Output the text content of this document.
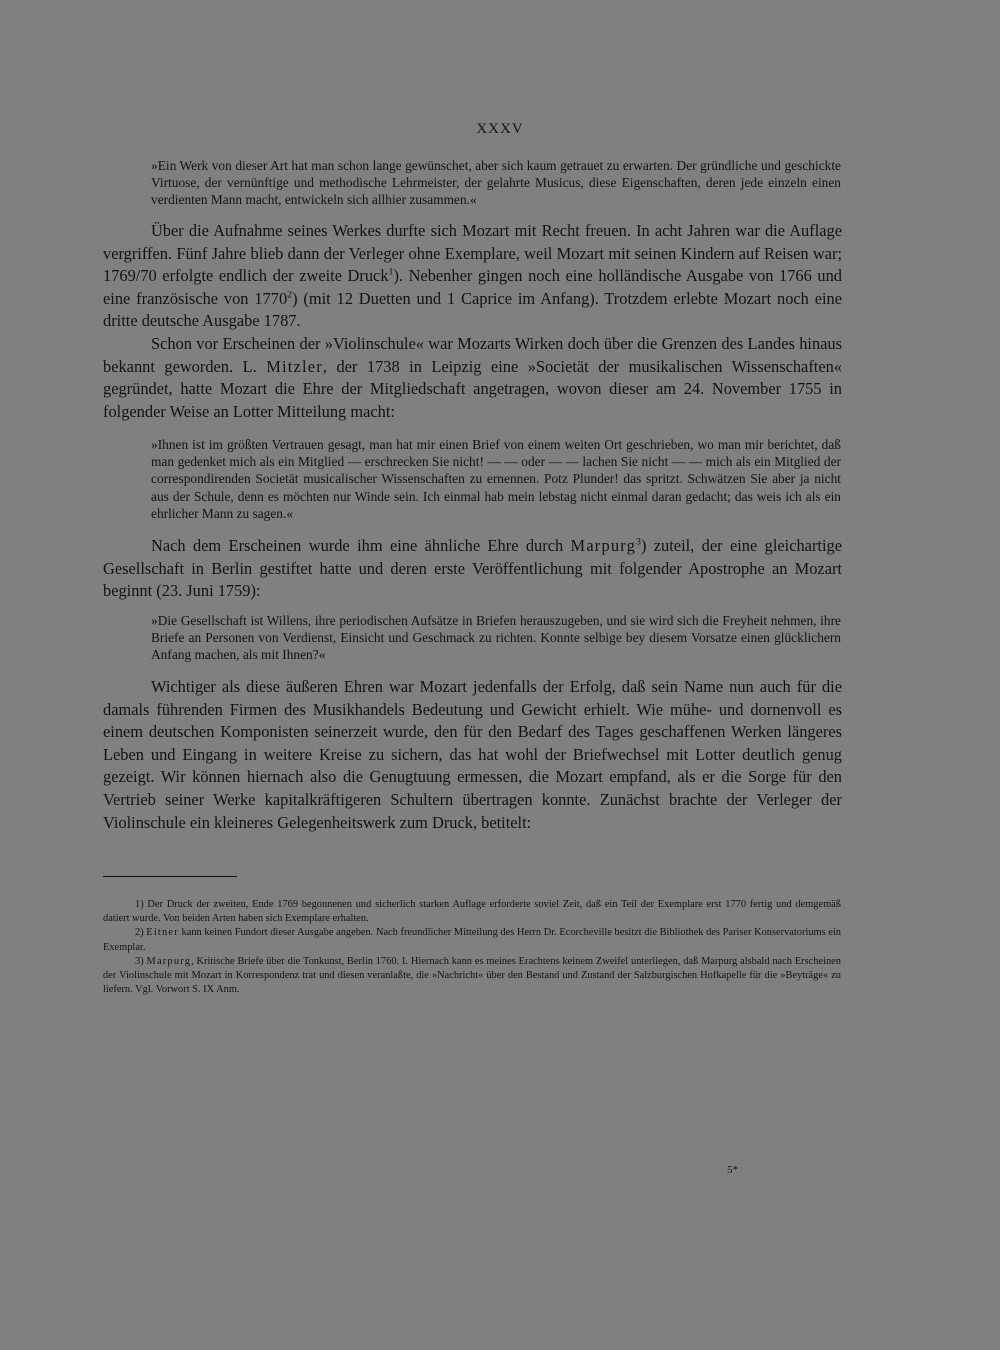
XXXV

»Ein Werk von dieser Art hat man schon lange gewünschet, aber sich kaum getrauet zu erwarten. Der gründliche und geschickte Virtuose, der vernünftige und methodische Lehrmeister, der gelahrte Musicus, diese Eigenschaften, deren jede einzeln einen verdienten Mann macht, entwickeln sich allhier zusammen.«

Über die Aufnahme seines Werkes durfte sich Mozart mit Recht freuen. In acht Jahren war die Auflage vergriffen. Fünf Jahre blieb dann der Verleger ohne Exemplare, weil Mozart mit seinen Kindern auf Reisen war; 1769/70 erfolgte endlich der zweite Druck$^1$). Nebenher gingen noch eine holländische Ausgabe von 1766 und eine französische von 1770$^2$) (mit 12 Duetten und 1 Caprice im Anfang). Trotzdem erlebte Mozart noch eine dritte deutsche Ausgabe 1787.

Schon vor Erscheinen der »Violinschule« war Mozarts Wirken doch über die Grenzen des Landes hinaus bekannt geworden. L. Mitzler, der 1738 in Leipzig eine »Societät der musikalischen Wissenschaften« gegründet, hatte Mozart die Ehre der Mitgliedschaft angetragen, wovon dieser am 24. November 1755 in folgender Weise an Lotter Mitteilung macht:

»Ihnen ist im größten Vertrauen gesagt, man hat mir einen Brief von einem weiten Ort geschrieben, wo man mir berichtet, daß man gedenket mich als ein Mitglied — erschrecken Sie nicht! — — oder — — lachen Sie nicht — — mich als ein Mitglied der correspondirenden Societät musicalischer Wissenschaften zu ernennen. Potz Plunder! das spritzt. Schwätzen Sie aber ja nicht aus der Schule, denn es möchten nur Winde sein. Ich einmal hab mein lebstag nicht einmal daran gedacht; das weis ich als ein ehrlicher Mann zu sagen.«

Nach dem Erscheinen wurde ihm eine ähnliche Ehre durch Marpurg$^3$) zuteil, der eine gleichartige Gesellschaft in Berlin gestiftet hatte und deren erste Veröffentlichung mit folgender Apostrophe an Mozart beginnt (23. Juni 1759):

»Die Gesellschaft ist Willens, ihre periodischen Aufsätze in Briefen herauszugeben, und sie wird sich die Freyheit nehmen, ihre Briefe an Personen von Verdienst, Einsicht und Geschmack zu richten. Konnte selbige bey diesem Vorsatze einen glücklichern Anfang machen, als mit Ihnen?«

Wichtiger als diese äußeren Ehren war Mozart jedenfalls der Erfolg, daß sein Name nun auch für die damals führenden Firmen des Musikhandels Bedeutung und Gewicht erhielt. Wie mühe- und dornenvoll es einem deutschen Komponisten seinerzeit wurde, den für den Bedarf des Tages geschaffenen Werken längeres Leben und Eingang in weitere Kreise zu sichern, das hat wohl der Briefwechsel mit Lotter deutlich genug gezeigt. Wir können hiernach also die Genugtuung ermessen, die Mozart empfand, als er die Sorge für den Vertrieb seiner Werke kapitalkräftigeren Schultern übertragen konnte. Zunächst brachte der Verleger der Violinschule ein kleineres Gelegenheitswerk zum Druck, betitelt:

1) Der Druck der zweiten, Ende 1769 begonnenen und sicherlich starken Auflage erforderte soviel Zeit, daß ein Teil der Exemplare erst 1770 fertig und demgemäß datiert wurde. Von beiden Arten haben sich Exemplare erhalten.

2) Eitner kann keinen Fundort dieser Ausgabe angeben. Nach freundlicher Mitteilung des Herrn Dr. Ecorcheville besitzt die Bibliothek des Pariser Konservatoriums ein Exemplar.

3) Marpurg, Kritische Briefe über die Tonkunst, Berlin 1760. I. Hiernach kann es meines Erachtens keinem Zweifel unterliegen, daß Marpurg alsbald nach Erscheinen der Violinschule mit Mozart in Korrespondenz trat und diesen veranlaßte, die »Nachricht« über den Bestand und Zustand der Salzburgischen Hofkapelle für die »Beyträge« zu liefern. Vgl. Vorwort S. IX Anm.

5*
